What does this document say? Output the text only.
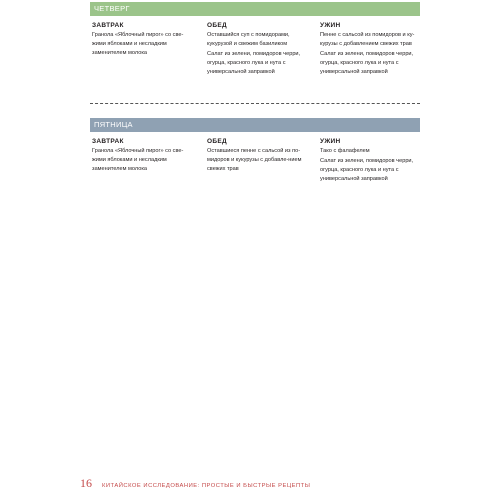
ЧЕТВЕРГ
ЗАВТРАК
Гранола «Яблочный пирог» со све-жими яблоками и несладким заменителем молока
ОБЕД
Оставшийся суп с помидорами, кукурузой и свежим базиликом
Салат из зелени, помидоров черри, огурца, красного лука и нута с универсальной заправкой
УЖИН
Пенне с сальсой из помидоров и ку-курузы с добавлением свежих трав
Салат из зелени, помидоров черри, огурца, красного лука и нута с универсальной заправкой
ПЯТНИЦА
ЗАВТРАК
Гранола «Яблочный пирог» со све-жими яблоками и несладким заменителем молока
ОБЕД
Оставшиеся пенне с сальсой из по-мидоров и кукурузы с добавле-нием свежих трав
УЖИН
Тако с фалафелем
Салат из зелени, помидоров черри, огурца, красного лука и нута с универсальной заправкой
16 КИТАЙСКОЕ ИССЛЕДОВАНИЕ: ПРОСТЫЕ И БЫСТРЫЕ РЕЦЕПТЫ
